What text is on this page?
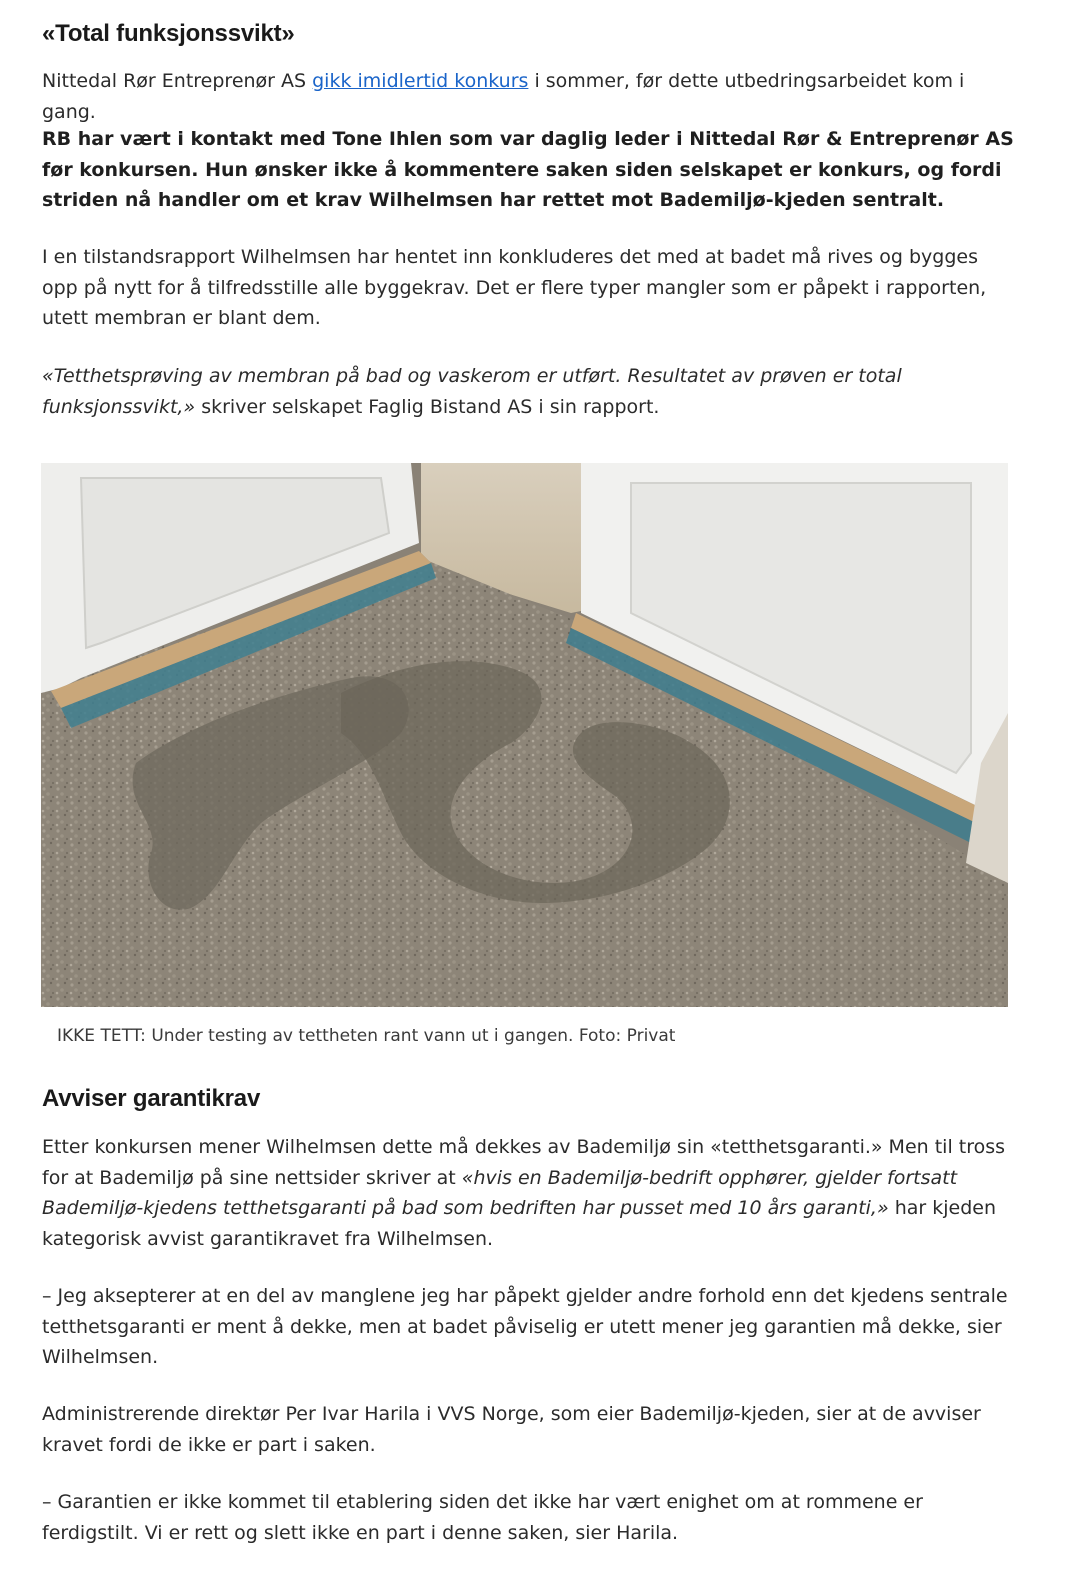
«Total funksjonssvikt»

Nittedal Rør Entreprenør AS gikk imidlertid konkurs i sommer, før dette utbedringsarbeidet kom i gang.

RB har vært i kontakt med Tone Ihlen som var daglig leder i Nittedal Rør & Entreprenør AS før konkursen. Hun ønsker ikke å kommentere saken siden selskapet er konkurs, og fordi striden nå handler om et krav Wilhelmsen har rettet mot Bademiljø-kjeden sentralt.

I en tilstandsrapport Wilhelmsen har hentet inn konkluderes det med at badet må rives og bygges opp på nytt for å tilfredsstille alle byggekrav. Det er flere typer mangler som er påpekt i rapporten, utett membran er blant dem.

«Tetthetsprøving av membran på bad og vaskerom er utført. Resultatet av prøven er total funksjonssvikt,» skriver selskapet Faglig Bistand AS i sin rapport.

IKKE TETT: Under testing av tettheten rant vann ut i gangen. Foto: Privat

Avviser garantikrav

Etter konkursen mener Wilhelmsen dette må dekkes av Bademiljø sin «tetthetsgaranti.» Men til tross for at Bademiljø på sine nettsider skriver at «hvis en Bademiljø-bedrift opphører, gjelder fortsatt Bademiljø-kjedens tetthetsgaranti på bad som bedriften har pusset med 10 års garanti,» har kjeden kategorisk avvist garantikravet fra Wilhelmsen.

– Jeg aksepterer at en del av manglene jeg har påpekt gjelder andre forhold enn det kjedens sentrale tetthetsgaranti er ment å dekke, men at badet påviselig er utett mener jeg garantien må dekke, sier Wilhelmsen.

Administrerende direktør Per Ivar Harila i VVS Norge, som eier Bademiljø-kjeden, sier at de avviser kravet fordi de ikke er part i saken.

– Garantien er ikke kommet til etablering siden det ikke har vært enighet om at rommene er ferdigstilt. Vi er rett og slett ikke en part i denne saken, sier Harila.
